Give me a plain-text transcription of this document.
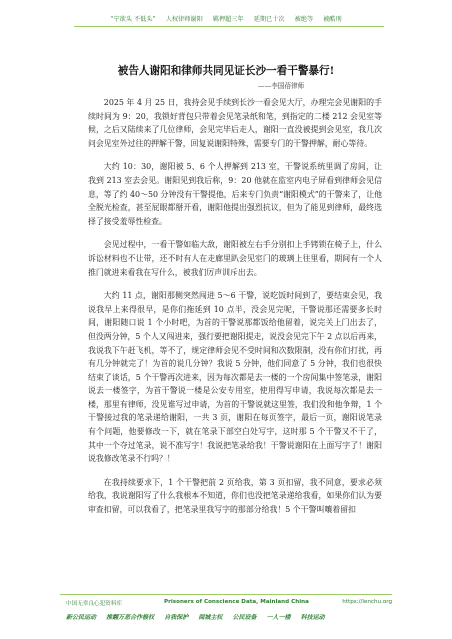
“宁欲头 不低头” 人权律师谢阳 羁押超三年 延期已十次 被绝等 被酷刑
被告人谢阳和律师共同见证长沙一看干警暴行!
——李国蓓律师

2025 年 4 月 25 日，我持会见手续到长沙一看会见大厅，办理完会见谢阳的手续时间为 9：20，我锁好背包只带着会见笔录纸和笔，到指定的二楼 212 会见室等候，之后又陆续来了几位律师，会见完毕后走人，谢阳一直没被提到会见室，我几次问会见室外过往的押解干警，回复说谢阳特殊，需要专门的干警押解，耐心等待。

大约 10：30，谢阳被 5、6 个人押解到 213 室，干警说系统里调了房间，让我到 213 室去会见。谢阳见到我后称，9：20 他就在监室内电子屏看到律师会见信息，等了约 40～50 分钟没有干警提他，后来专门负责“谢阳模式”的干警来了，让他全脱光检查，甚至屁眼都掰开看，谢阳他提出强烈抗议，但为了能见到律师，最终选择了接受羞辱性检查。

会见过程中，一看干警如临大敌，谢阳被左右手分别扣上手铐锁在椅子上，什么诉讼材料也不让带，还不时有人在走廊里趴会见室门的玻璃上往里看，期间有一个人推门就进来看我在写什么，被我们厉声训斥出去。

大约 11 点，谢阳那侧突然闯进 5～6 干警，说吃饭时间到了，要结束会见，我说我早上来得很早，是你们拖延到 10 点半，没会见完呢，干警说那还需要多长时间，谢阳随口说 1 个小时吧，为首的干警说那都饭给他留着，说完关上门出去了，但没两分钟，5 个人又闯进来，强行要把谢阳提走，说没会见完下午 2 点以后再来，我说我下午赶飞机，等不了，规定律师会见不受时间和次数限制，没有你们打扰，再有几分钟就完了！为首的说几分钟？我说 5 分钟，他们同意了 5 分钟，我们也很快结束了谈话，5 个干警再次进来，因为每次都是去一楼的一个房间集中签笔录，谢阳说去一楼签字，为首干警说一楼是公安专用室，使用得写申请，我说每次都是去一楼，那里有律师，没见谁写过申请，为首的干警说就这里签，我们没和他争辩，1 个干警接过我的笔录递给谢阳，一共 3 页，谢阳在每页签字，最后一页，谢阳说笔录有个问题，他要修改一下，就在笔录下部空白处写字，这时那 5 个干警又不干了，其中一个夺过笔录，说不准写字！我说把笔录给我！干警说谢阳在上面写字了！谢阳说我修改笔录不行吗？！

在我持续要求下，1 个干警把前 2 页给我，第 3 页扣留，我不同意，要求必须给我，我说谢阳写了什么我根本不知道，你们也没把笔录递给我看，如果你们认为要审查扣留，可以我看了，把笔录里我写字的那部分给我！5 个干警叫嚷着留扣

中国无辜良心犯资料库	Prisoners of Conscience Data, Mainland China	https://lenchu.org
新公民运动 推翻万恶合作极权 自我保护 阅城主权 公民设备 一人一楼 科技运动
